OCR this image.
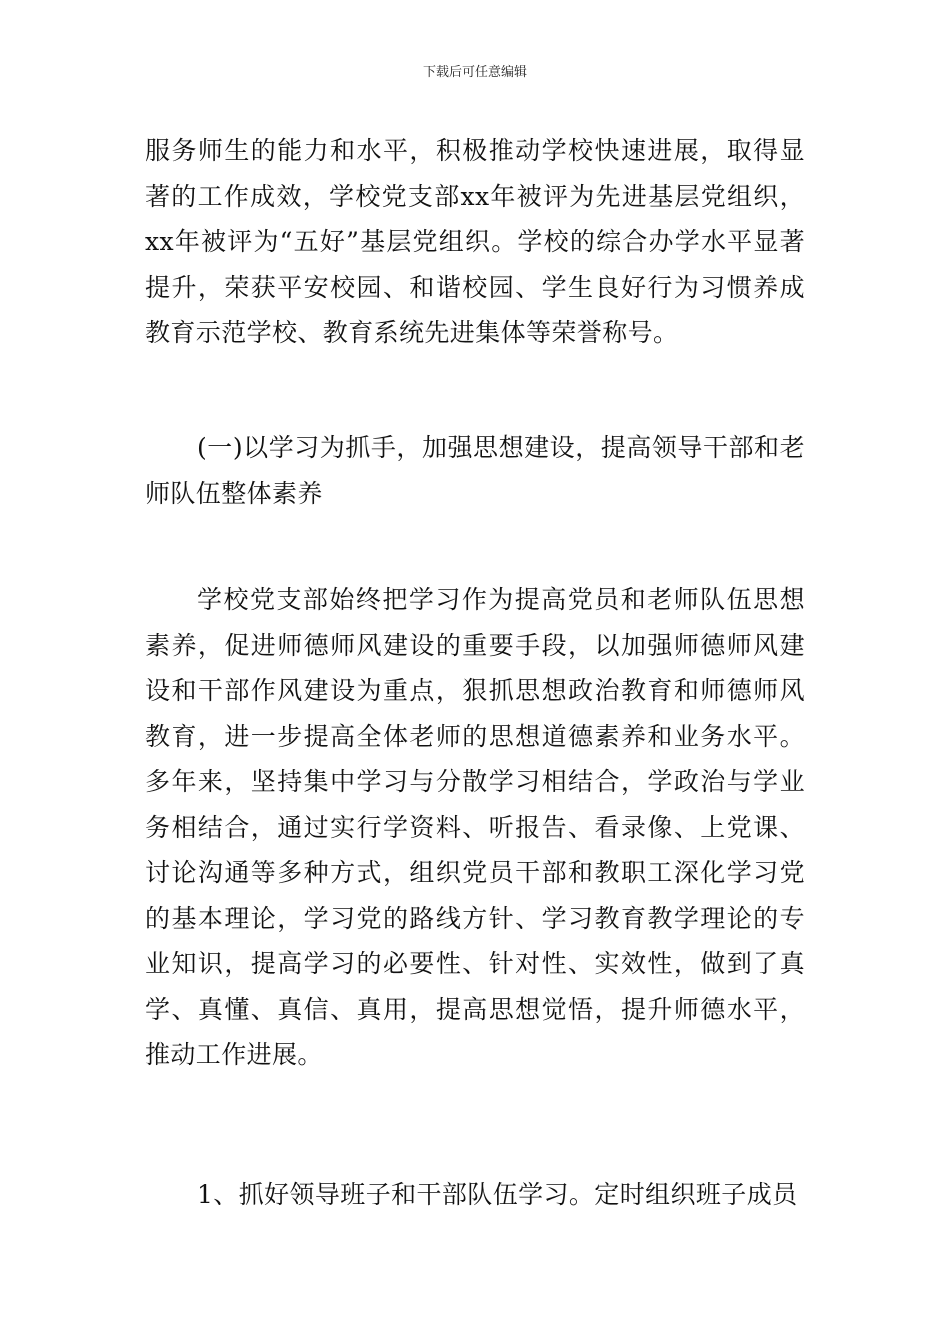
下载后可任意编辑

服务师生的能力和水平，积极推动学校快速进展，取得显著的工作成效，学校党支部xx年被评为先进基层党组织，xx年被评为“五好”基层党组织。学校的综合办学水平显著提升，荣获平安校园、和谐校园、学生良好行为习惯养成教育示范学校、教育系统先进集体等荣誉称号。

(一)以学习为抓手，加强思想建设，提高领导干部和老师队伍整体素养

学校党支部始终把学习作为提高党员和老师队伍思想素养，促进师德师风建设的重要手段，以加强师德师风建设和干部作风建设为重点，狠抓思想政治教育和师德师风教育，进一步提高全体老师的思想道德素养和业务水平。多年来，坚持集中学习与分散学习相结合，学政治与学业务相结合，通过实行学资料、听报告、看录像、上党课、讨论沟通等多种方式，组织党员干部和教职工深化学习党的基本理论，学习党的路线方针、学习教育教学理论的专业知识，提高学习的必要性、针对性、实效性，做到了真学、真懂、真信、真用，提高思想觉悟，提升师德水平，推动工作进展。

1、抓好领导班子和干部队伍学习。定时组织班子成员
